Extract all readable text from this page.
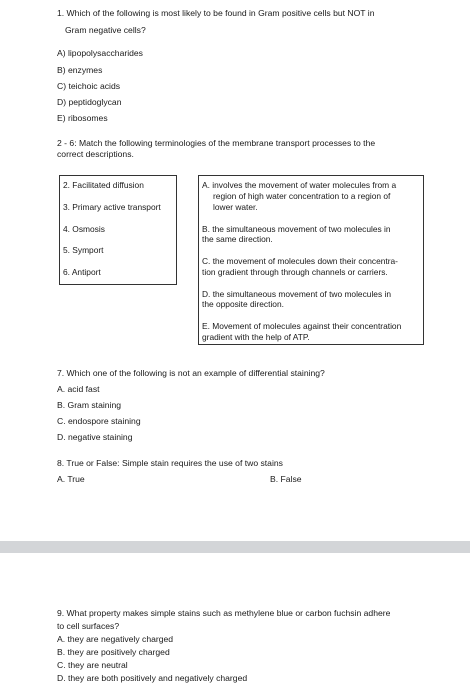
1. Which of the following is most likely to be found in Gram positive cells but NOT in
Gram negative cells?
A) lipopolysaccharides
B) enzymes
C) teichoic acids
D) peptidoglycan
E) ribosomes
2 - 6: Match the following terminologies of the membrane transport processes to the
correct descriptions.
2. Facilitated diffusion
3. Primary active transport
4. Osmosis
5. Symport
6. Antiport
A. involves the movement of water molecules from a
region of high water concentration to a region of
lower water.
B. the simultaneous movement of two molecules in
the same direction.
C. the movement of molecules down their concentra-
tion gradient through through channels or carriers.
D. the simultaneous movement of two molecules in
the opposite direction.
E. Movement of molecules against their concentration
gradient with the help of ATP.
7. Which one of the following is not an example of differential staining?
A. acid fast
B. Gram staining
C. endospore staining
D. negative staining
8. True or False: Simple stain requires the use of two stains
A. True	B. False
9. What property makes simple stains such as methylene blue or carbon fuchsin adhere
to cell surfaces?
A. they are negatively charged
B. they are positively charged
C. they are neutral
D. they are both positively and negatively charged
